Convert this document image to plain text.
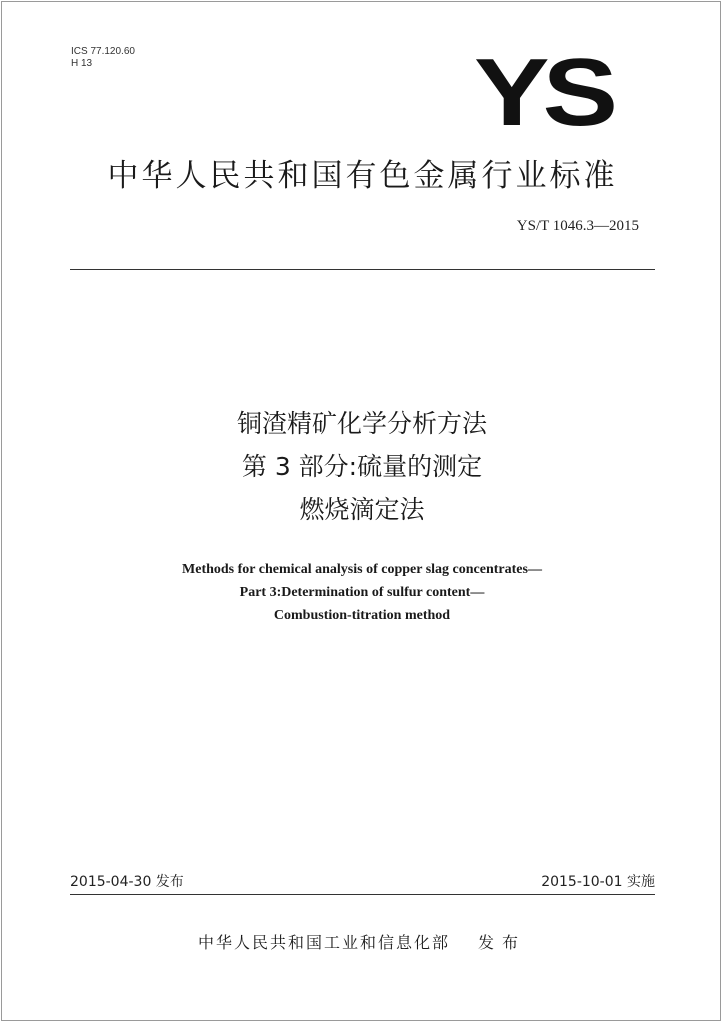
ICS 77.120.60
H 13	YS
中华人民共和国有色金属行业标准
YS/T 1046.3—2015
铜渣精矿化学分析方法
第 3 部分:硫量的测定
燃烧滴定法
Methods for chemical analysis of copper slag concentrates—
Part 3:Determination of sulfur content—
Combustion-titration method
2015-04-30 发布	2015-10-01 实施
中华人民共和国工业和信息化部 发布
